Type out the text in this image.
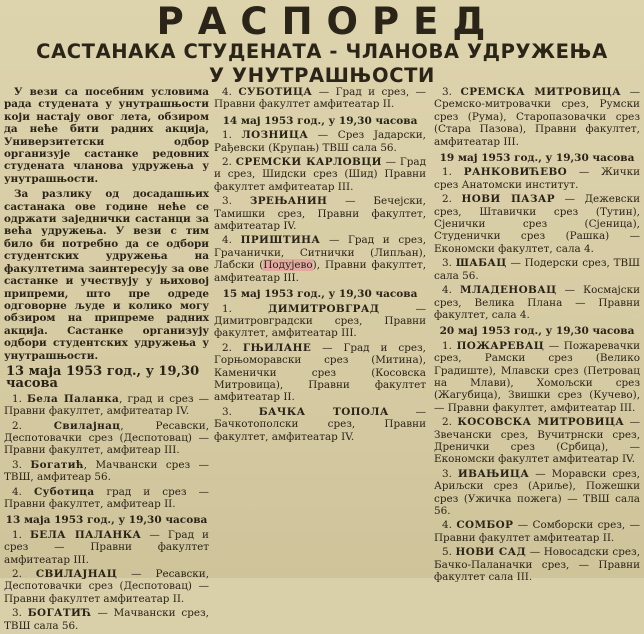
РАСПОРЕД
САСТАНАКА СТУДЕНАТА - ЧЛАНОВА УДРУЖЕЊА
У УНУТРАШЊОСТИ

У вези са посебним условима рада студената у унутрашњости који настају овог лета, обзиром да неће бити радних акција, Универзитетски одбор организује састанке редовних студената чланова удружења у унутрашњости.

За разлику од досадашњих састанака ове године неће се одржати заједнички састанци за већа удружења. У вези с тим било би потребно да се одбори студентских удружења на факултетима заинтересују за ове састанке и учествују у њиховој припреми, што пре одреде одговорне људе и колико могу обзиром на припреме радних акција. Састанке организују одбори студентских удружења у унутрашњости.

13 маја 1953 год., у 19,30 часова

1. Бела Паланка, град и срез — Правни факултет, амфитеатар IV.

2.	Свилајнац, Ресавски, Деспотовачки срез (Деспотовац) — Правни факултет, амфитеар III.

3. Богатић, Мачвански срез — ТВШ, амфитеар 56.

4. Суботица град и срез — Правни факултет, амфитеар II.

13 маја 1953 год., у 19,30 часова

1. БЕЛА ПАЛАНКА — Град и срез — Правни факултет амфитеатар III.

2. СВИЛАЈНАЦ — Ресавски, Деспотовачки срез (Деспотовац) — Правни факултет амфитеатар II.

3. БОГАТИЋ — Мачвански срез, ТВШ сала 56.

4. СУБОТИЦА — Град и срез, — Правни факултет амфитеатар II.

14 мај 1953 год., у 19,30 часова

1. ЛОЗНИЦА — Срез Јадарски, Рађевски (Крупањ) ТВШ сала 56.

2. СРЕМСКИ КАРЛОВЦИ — Град и срез, Шидски срез (Шид) Правни факултет амфитеатар III.

3. ЗРЕЊАНИН — Бечејски, Тамишки срез, Правни факултет, амфитеатар IV.

4. ПРИШТИНА — Град и срез, Грачанички, Ситнички (Липљан), Лабски (Подујево), Правни факултет, амфитеатар III.

15 мај 1953 год., у 19,30 часова

1.	ДИМИТРОВГРАД — Димитровградски срез, Правни факултет, амфитеатар III.

2. ГЊИЛАНЕ — Град и срез, Горњоморавски срез (Митина), Каменички срез (Косовска Митровица), Правни факултет амфитеатар II.

3.	БАЧКА ТОПОЛА — Бачкотополски срез, Правни факултет, амфитеатар IV.

3. СРЕМСКА МИТРОВИЦА — Сремско-митровачки срез, Румски срез (Рума), Старопазовачки срез (Стара Пазова), Правни факултет, амфитеатар III.

19 мај 1953 год., у 19,30 часова

1. РАНКОВИЋЕВО — Жички срез Анатомски институт.

2. НОВИ ПАЗАР — Дежевски срез, Штавички срез (Тутин), Сјенички срез (Сјеница), Студенички срез (Рашка) — Економски факултет, сала 4.

3. ШАБАЦ — Подерски срез, ТВШ сала 56.

4. МЛАДЕНОВАЦ — Космајски срез, Велика Плана — Правни факултет, сала 4.

20 мај 1953 год., у 19,30 часова

1. ПОЖАРЕВАЦ — Пожаревачки срез, Рамски срез (Велико Градиште), Млавски срез (Петровац на Млави), Хомољски срез (Жагубица), Звишки срез (Кучево), — Правни факултет, амфитеатар III.

2. КОСОВСКА МИТРОВИЦА — Звечански срез, Вучитрнски срез, Дренички срез (Србица), — Економски факултет амфитеатар IV.

3. ИВАЊИЦА — Моравски срез, Ариљски срез (Ариље), Пожешки срез (Ужичка пожега) — ТВШ сала 56.

4. СОМБОР — Сомборски срез, — Правни факултет амфитеатар II.

5. НОВИ САД — Новосадски срез, Бачко-Паланачки срез, — Правни факултет сала III.
